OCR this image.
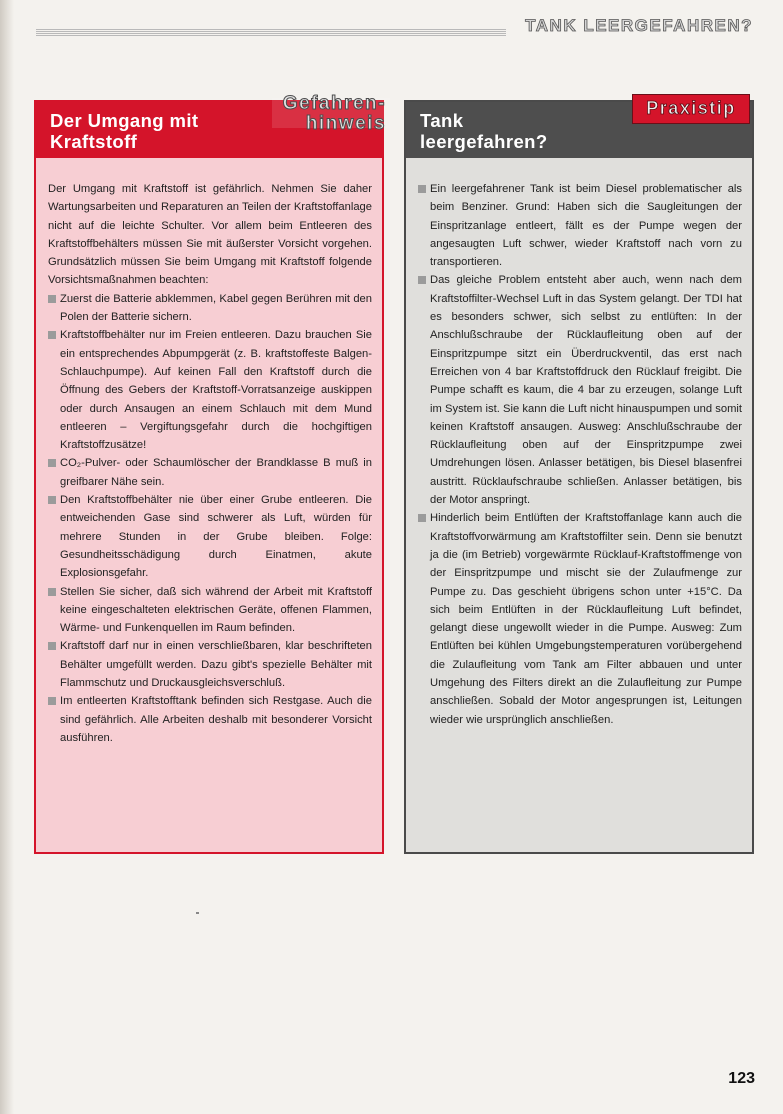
TANK LEERGEFAHREN?
Der Umgang mit
Kraftstoff
Gefahren-
hinweis

Der Umgang mit Kraftstoff ist gefährlich. Nehmen Sie daher Wartungsarbeiten und Reparaturen an Teilen der Kraftstoffanlage nicht auf die leichte Schulter. Vor allem beim Entleeren des Kraftstoffbehälters müssen Sie mit äußerster Vorsicht vorgehen. Grundsätzlich müssen Sie beim Umgang mit Kraftstoff folgende Vorsichtsmaßnahmen beachten:

Zuerst die Batterie abklemmen, Kabel gegen Berühren mit den Polen der Batterie sichern.
Kraftstoffbehälter nur im Freien entleeren. Dazu brauchen Sie ein entsprechendes Abpumpgerät (z. B. kraftstoffeste Balgen-Schlauchpumpe). Auf keinen Fall den Kraftstoff durch die Öffnung des Gebers der Kraftstoff-Vorratsanzeige auskippen oder durch Ansaugen an einem Schlauch mit dem Mund entleeren – Vergiftungsgefahr durch die hochgiftigen Kraftstoffzusätze!
CO₂-Pulver- oder Schaumlöscher der Brandklasse B muß in greifbarer Nähe sein.
Den Kraftstoffbehälter nie über einer Grube entleeren. Die entweichenden Gase sind schwerer als Luft, würden für mehrere Stunden in der Grube bleiben. Folge: Gesundheitsschädigung durch Einatmen, akute Explosionsgefahr.
Stellen Sie sicher, daß sich während der Arbeit mit Kraftstoff keine eingeschalteten elektrischen Geräte, offenen Flammen, Wärme- und Funkenquellen im Raum befinden.
Kraftstoff darf nur in einen verschließbaren, klar beschrifteten Behälter umgefüllt werden. Dazu gibt's spezielle Behälter mit Flammschutz und Druckausgleichsverschluß.
Im entleerten Kraftstofftank befinden sich Restgase. Auch die sind gefährlich. Alle Arbeiten deshalb mit besonderer Vorsicht ausführen.
Tank
leergefahren?
Praxistip
Ein leergefahrener Tank ist beim Diesel problematischer als beim Benziner. Grund: Haben sich die Saugleitungen der Einspritzanlage entleert, fällt es der Pumpe wegen der angesaugten Luft schwer, wieder Kraftstoff nach vorn zu transportieren.
Das gleiche Problem entsteht aber auch, wenn nach dem Kraftstoffilter-Wechsel Luft in das System gelangt. Der TDI hat es besonders schwer, sich selbst zu entlüften: In der Anschlußschraube der Rücklaufleitung oben auf der Einspritzpumpe sitzt ein Überdruckventil, das erst nach Erreichen von 4 bar Kraftstoffdruck den Rücklauf freigibt. Die Pumpe schafft es kaum, die 4 bar zu erzeugen, solange Luft im System ist. Sie kann die Luft nicht hinauspumpen und somit keinen Kraftstoff ansaugen. Ausweg: Anschlußschraube der Rücklaufleitung oben auf der Einspritzpumpe zwei Umdrehungen lösen. Anlasser betätigen, bis Diesel blasenfrei austritt. Rücklaufschraube schließen. Anlasser betätigen, bis der Motor anspringt.
Hinderlich beim Entlüften der Kraftstoffanlage kann auch die Kraftstoffvorwärmung am Kraftstoffilter sein. Denn sie benutzt ja die (im Betrieb) vorgewärmte Rücklauf-Kraftstoffmenge von der Einspritzpumpe und mischt sie der Zulaufmenge zur Pumpe zu. Das geschieht übrigens schon unter +15°C. Da sich beim Entlüften in der Rücklaufleitung Luft befindet, gelangt diese ungewollt wieder in die Pumpe. Ausweg: Zum Entlüften bei kühlen Umgebungstemperaturen vorübergehend die Zulaufleitung vom Tank am Filter abbauen und unter Umgehung des Filters direkt an die Zulaufleitung zur Pumpe anschließen. Sobald der Motor angesprungen ist, Leitungen wieder wie ursprünglich anschließen.
123
